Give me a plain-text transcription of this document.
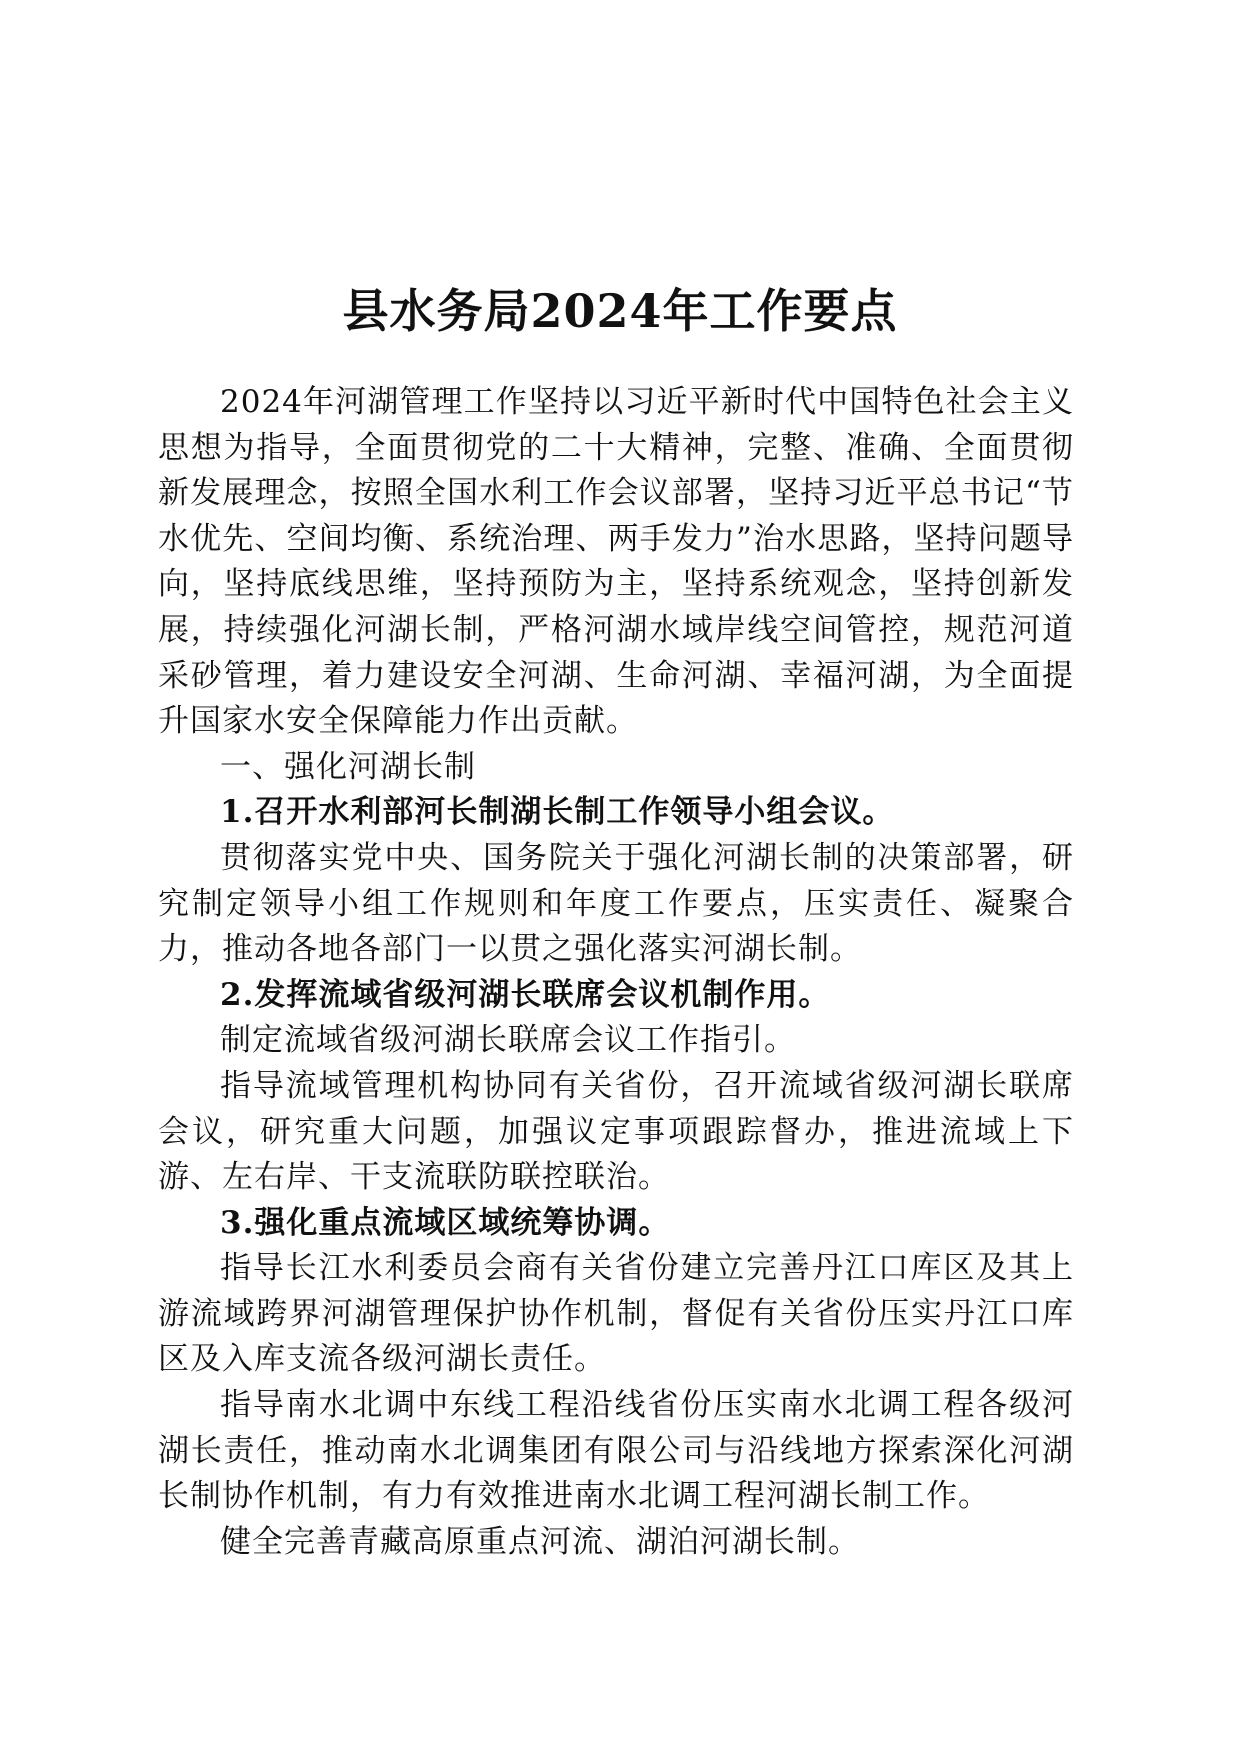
县水务局2024年工作要点

2024年河湖管理工作坚持以习近平新时代中国特色社会主义思想为指导，全面贯彻党的二十大精神，完整、准确、全面贯彻新发展理念，按照全国水利工作会议部署，坚持习近平总书记“节水优先、空间均衡、系统治理、两手发力”治水思路，坚持问题导向，坚持底线思维，坚持预防为主，坚持系统观念，坚持创新发展，持续强化河湖长制，严格河湖水域岸线空间管控，规范河道采砂管理，着力建设安全河湖、生命河湖、幸福河湖，为全面提升国家水安全保障能力作出贡献。

一、强化河湖长制

1.召开水利部河长制湖长制工作领导小组会议。

贯彻落实党中央、国务院关于强化河湖长制的决策部署，研究制定领导小组工作规则和年度工作要点，压实责任、凝聚合力，推动各地各部门一以贯之强化落实河湖长制。

2.发挥流域省级河湖长联席会议机制作用。

制定流域省级河湖长联席会议工作指引。

指导流域管理机构协同有关省份，召开流域省级河湖长联席会议，研究重大问题，加强议定事项跟踪督办，推进流域上下游、左右岸、干支流联防联控联治。

3.强化重点流域区域统筹协调。

指导长江水利委员会商有关省份建立完善丹江口库区及其上游流域跨界河湖管理保护协作机制，督促有关省份压实丹江口库区及入库支流各级河湖长责任。

指导南水北调中东线工程沿线省份压实南水北调工程各级河湖长责任，推动南水北调集团有限公司与沿线地方探索深化河湖长制协作机制，有力有效推进南水北调工程河湖长制工作。

健全完善青藏高原重点河流、湖泊河湖长制。
